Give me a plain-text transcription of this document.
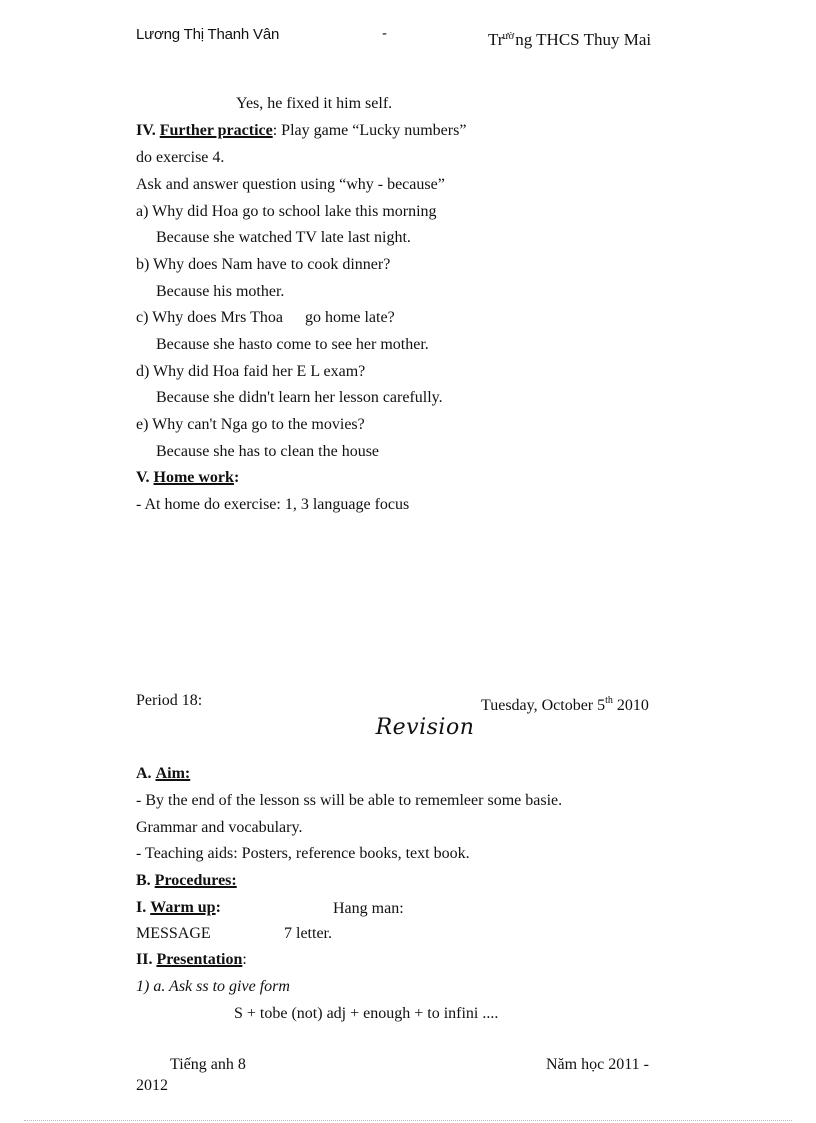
Lương Thị Thanh Vân	-	$Tr^{ườ}ng$ THCS Thuy Mai
Yes, he fixed it him self.
IV. Further practice: Play game “Lucky numbers”
do exercise 4.
Ask and answer question using “why - because”
a) Why did Hoa go to school lake this morning
Because she watched TV late last night.
b) Why does Nam have to cook dinner?
Because his mother.
c) Why does Mrs Thoa go home late?
Because she hasto come to see her mother.
d) Why did Hoa faid her E L exam?
Because she didn't learn her lesson carefully.
e) Why can't Nga go to the movies?
Because she has to clean the house
V. Home work:
- At home do exercise: 1, 3 language focus
Period 18:	Tuesday, October 5th 2010
Revision
A. Aim:
- By the end of the lesson ss will be able to rememleer some basie.
Grammar and vocabulary.
- Teaching aids: Posters, reference books, text book.
B. Procedures:
I. Warm up:	Hang man:
MESSAGE	7 letter.
II. Presentation:
1) a. Ask ss to give form
S + tobe (not) adj + enough + to infini ....
Tiếng anh 8	Năm học 2011 -
2012
